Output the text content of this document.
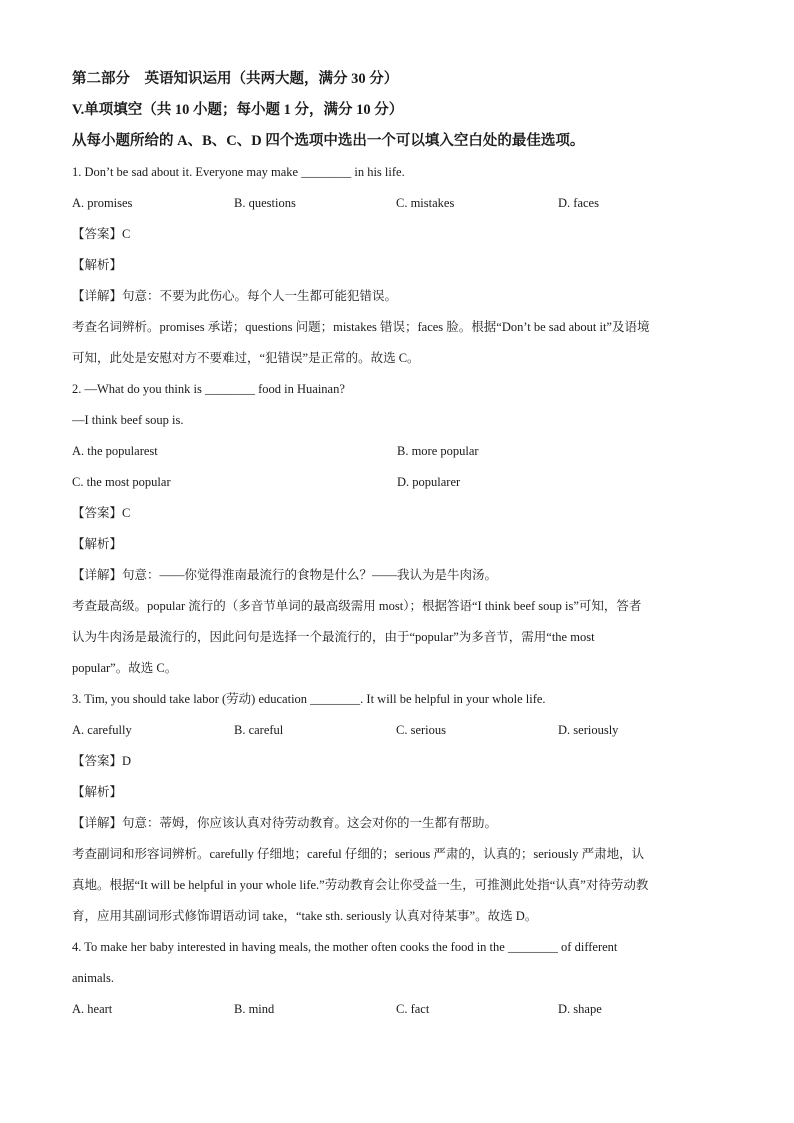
第二部分　英语知识运用（共两大题，满分 30 分）
V.单项填空（共 10 小题；每小题 1 分，满分 10 分）
从每小题所给的 A、B、C、D 四个选项中选出一个可以填入空白处的最佳选项。
1. Don’t be sad about it. Everyone may make ________ in his life.
A. promises	B. questions	C. mistakes	D. faces
【答案】C
【解析】
【详解】句意：不要为此伤心。每个人一生都可能犯错误。
考查名词辨析。promises 承诺；questions 问题；mistakes 错误；faces 脸。根据“Don’t be sad about it”及语境
可知，此处是安慰对方不要难过，“犯错误”是正常的。故选 C。
2. —What do you think is ________ food in Huainan?
—I think beef soup is.
A. the popularest	B. more popular
C. the most popular	D. popularer
【答案】C
【解析】
【详解】句意：——你觉得淮南最流行的食物是什么？——我认为是牛肉汤。
考查最高级。popular 流行的（多音节单词的最高级需用 most）；根据答语“I think beef soup is”可知，答者
认为牛肉汤是最流行的，因此问句是选择一个最流行的，由于“popular”为多音节，需用“the most
popular”。故选 C。
3. Tim, you should take labor (劳动) education ________. It will be helpful in your whole life.
A. carefully	B. careful	C. serious	D. seriously
【答案】D
【解析】
【详解】句意：蒂姆，你应该认真对待劳动教育。这会对你的一生都有帮助。
考查副词和形容词辨析。carefully 仔细地；careful 仔细的；serious 严肃的，认真的；seriously 严肃地，认
真地。根据“It will be helpful in your whole life.”劳动教育会让你受益一生，可推测此处指“认真”对待劳动教
育，应用其副词形式修饰谓语动词 take，“take sth. seriously 认真对待某事”。故选 D。
4. To make her baby interested in having meals, the mother often cooks the food in the ________ of different
animals.
A. heart	B. mind	C. fact	D. shape
